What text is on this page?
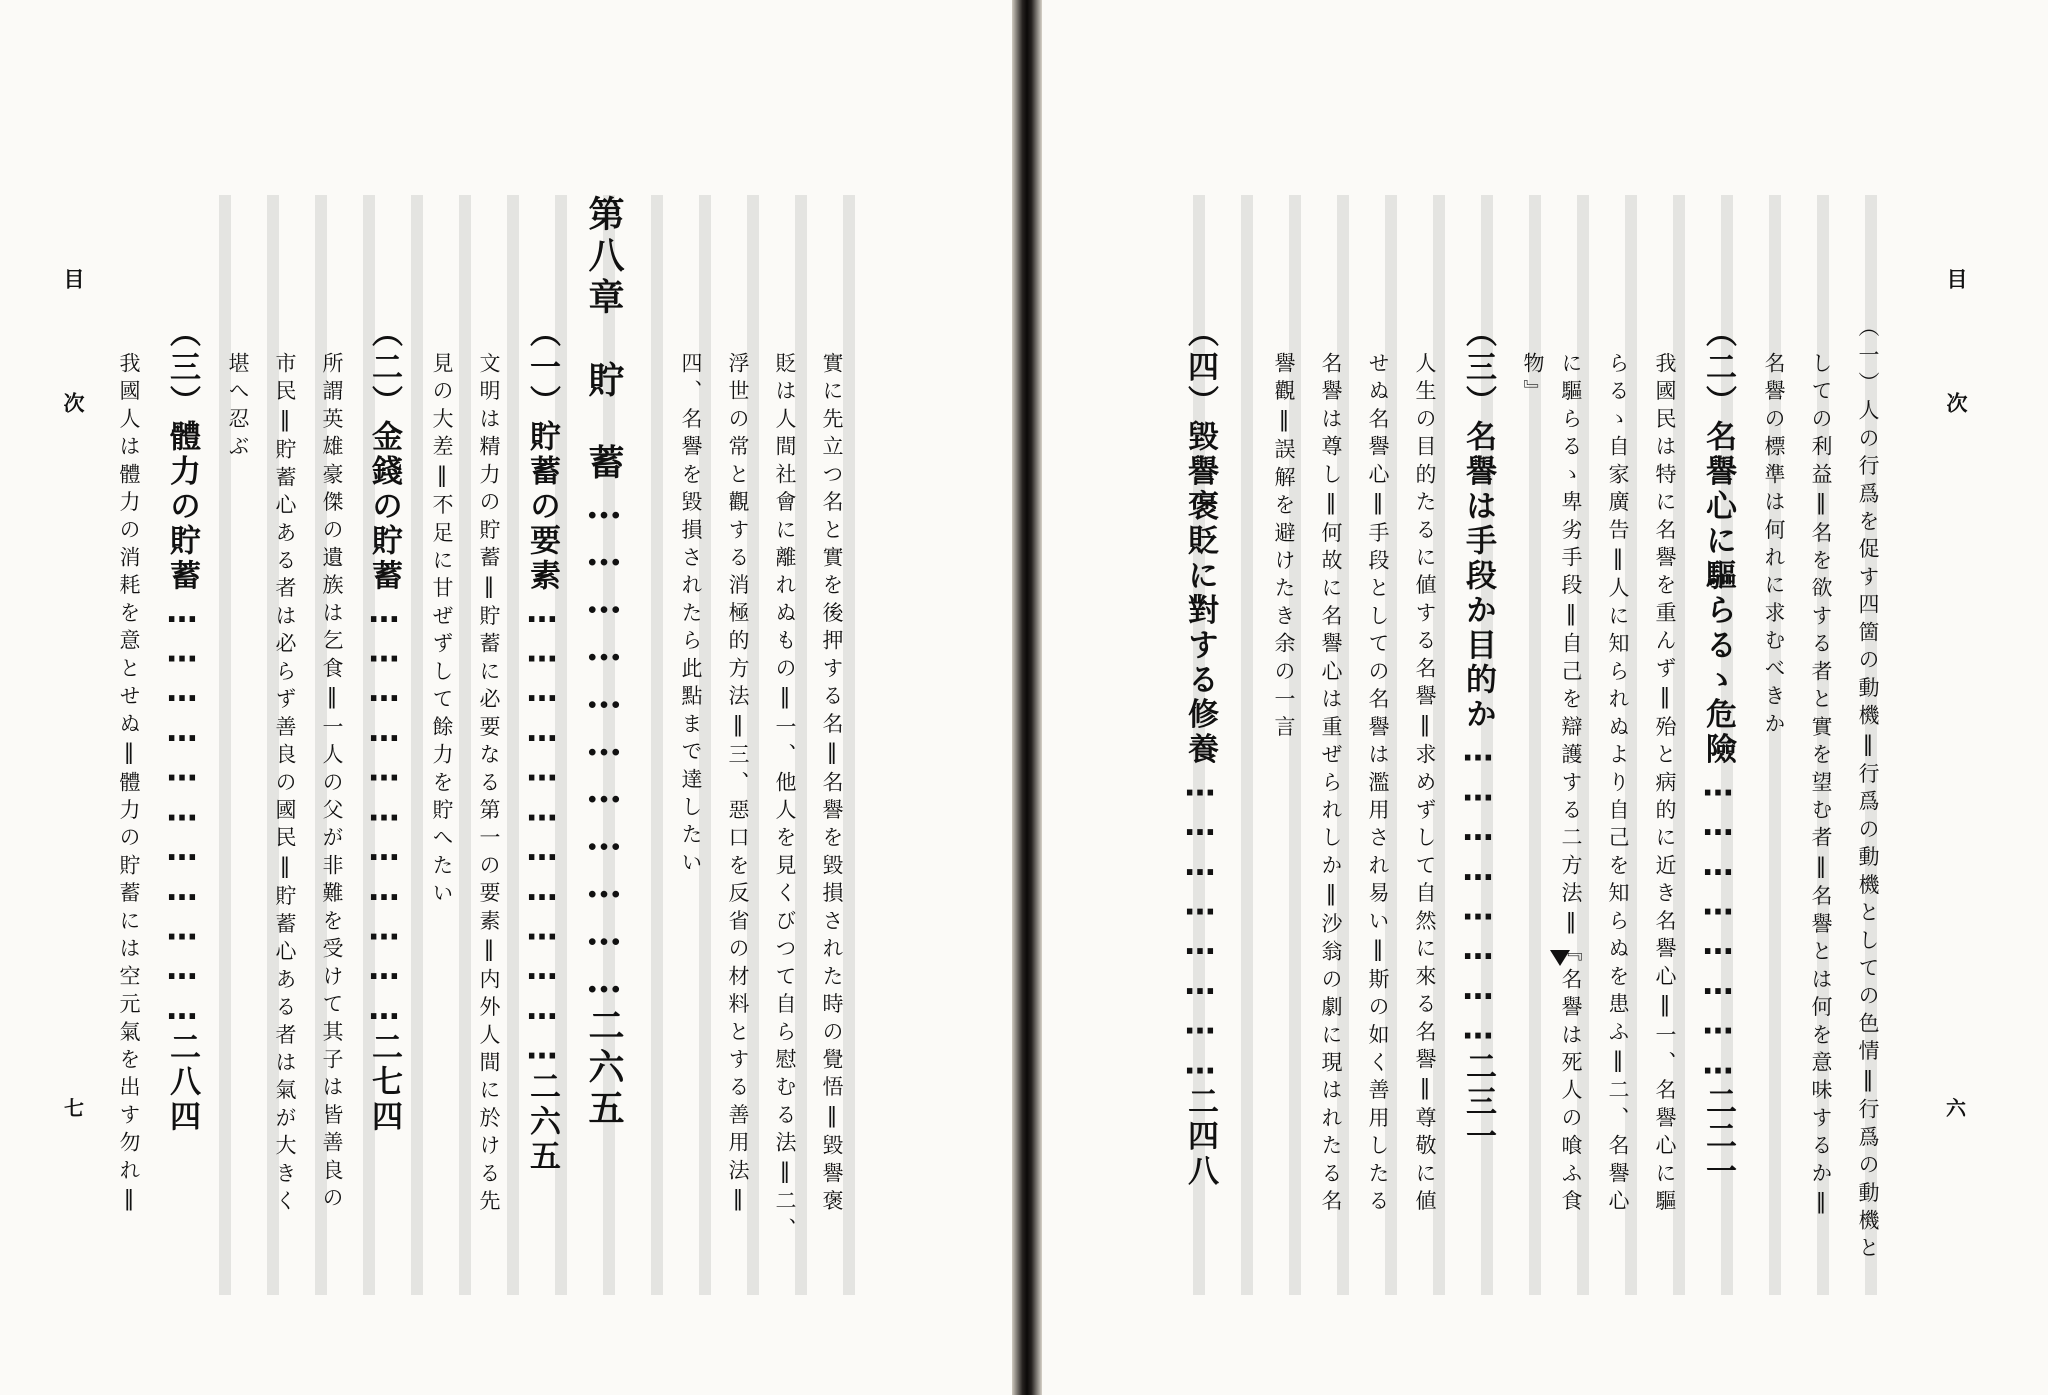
目
次
七	實に先立つ名と實を後押する名‖名譽を毀損された時の覺悟‖毀譽褒
貶は人間社會に離れぬもの‖一、他人を見くびつて自ら慰むる法‖二、
浮世の常と觀する消極的方法‖三、惡口を反省の材料とする善用法‖
四、名譽を毀損されたら此點まで達したい
第八章　貯　蓄……………………………二六五
（一）貯蓄の要素………………………………二六五
文明は精力の貯蓄‖貯蓄に必要なる第一の要素‖内外人間に於ける先
見の大差‖不足に甘ぜずして餘力を貯へたい
（二）金錢の貯蓄……………………………二七四
所謂英雄豪傑の遺族は乞食‖一人の父が非難を受けて其子は皆善良の
市民‖貯蓄心ある者は必らず善良の國民‖貯蓄心ある者は氣が大きく
堪へ忍ぶ
（三）體力の貯蓄……………………………二八四
我國人は體力の消耗を意とせぬ‖體力の貯蓄には空元氣を出す勿れ‖
目
次
六
（一）人の行爲を促す四箇の動機‖行爲の動機としての色情‖行爲の動機と
しての利益‖名を欲する者と實を望む者‖名譽とは何を意味するか‖
名譽の標準は何れに求むべきか
（二）名譽心に驅らるゝ危險……………………二二一
我國民は特に名譽を重んず‖殆と病的に近き名譽心‖一、名譽心に驅
らるゝ自家廣告‖人に知られぬより自己を知らぬを患ふ‖二、名譽心
に驅らるゝ卑劣手段‖自己を辯護する二方法‖『名譽は死人の喰ふ食
物』
（三）名譽は手段か目的か……………………二三一
人生の目的たるに値する名譽‖求めずして自然に來る名譽‖尊敬に値
せぬ名譽心‖手段としての名譽は濫用され易い‖斯の如く善用したる
名譽は尊し‖何故に名譽心は重ぜられしか‖沙翁の劇に現はれたる名
譽觀‖誤解を避けたき余の一言
（四）毀譽褒貶に對する修養……………………二四八
